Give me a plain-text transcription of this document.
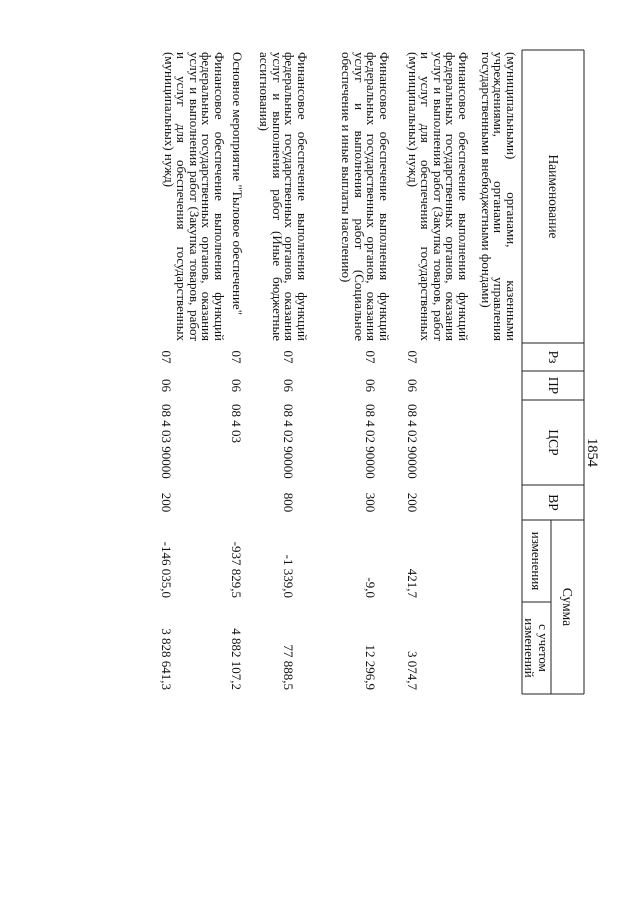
1854
Наименование
Рз
ПР
ЦСР
ВР
Сумма
изменения
с учетом изменений
(муниципальными) органами, казенными учреждениями, органами управления государственными внебюджетными фондами)
Финансовое обеспечение выполнения функций федеральных государственных органов, оказания услуг и выполнения работ (Закупка товаров, работ и услуг для обеспечения государственных (муниципальных) нужд)
07
06
08 4 02 90000
200
421,7
3 074,7
Финансовое обеспечение выполнения функций федеральных государственных органов, оказания услуг и выполнения работ (Социальное обеспечение и иные выплаты населению)
07
06
08 4 02 90000
300
-9,0
12 296,9
Финансовое обеспечение выполнения функций федеральных государственных органов, оказания услуг и выполнения работ (Иные бюджетные ассигнования)
07
06
08 4 02 90000
800
-1 339,0
77 888,5
Основное мероприятие "Тыловое обеспечение"
07
06
08 4 03
-937 829,5
4 882 107,2
Финансовое обеспечение выполнения функций федеральных государственных органов, оказания услуг и выполнения работ (Закупка товаров, работ и услуг для обеспечения государственных (муниципальных) нужд)
07
06
08 4 03 90000
200
-146 035,0
3 828 641,3
